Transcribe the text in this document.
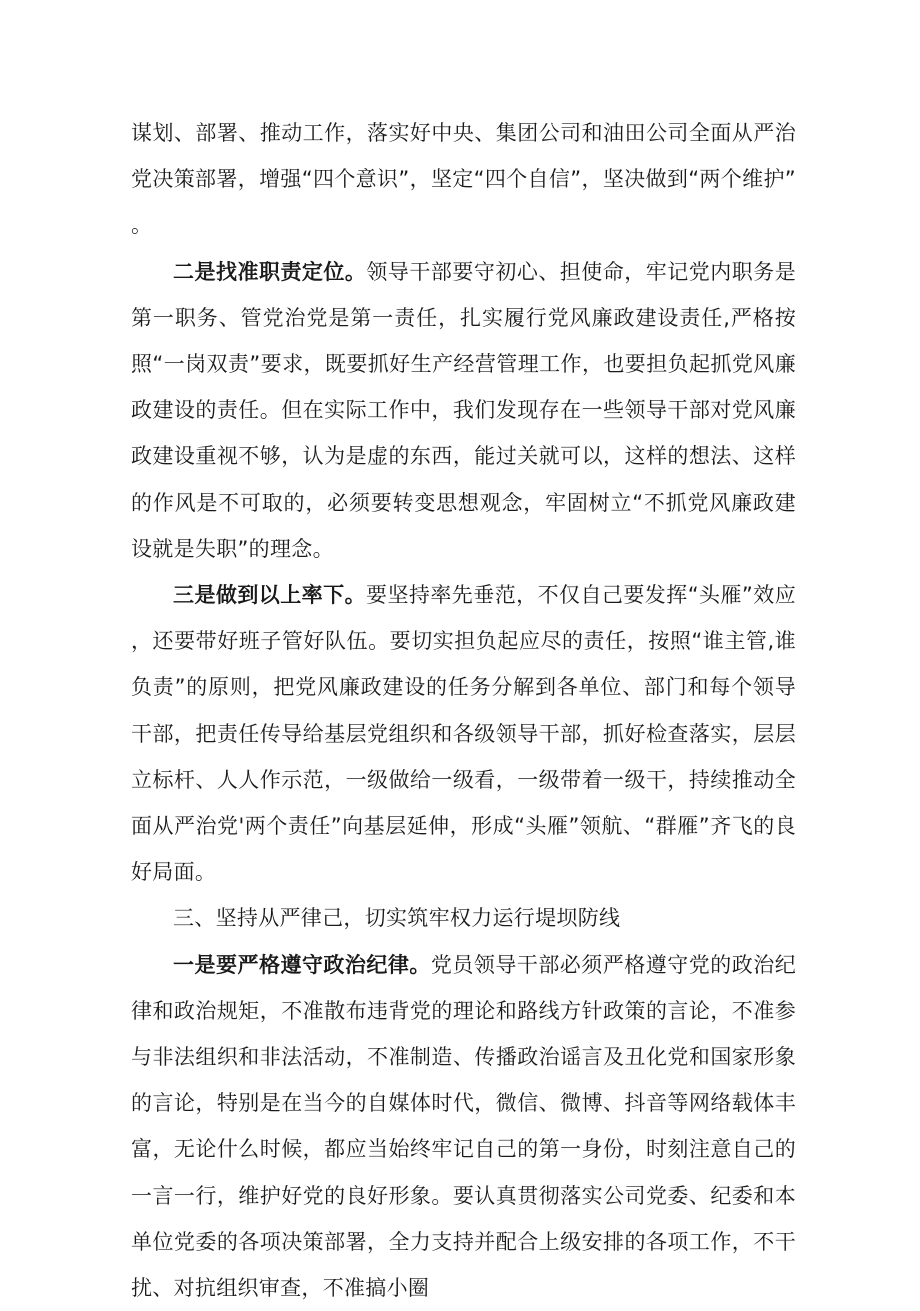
谋划、部署、推动工作，落实好中央、集团公司和油田公司全面从严治党决策部署，增强“四个意识”，坚定“四个自信”，坚决做到“两个维护”。

二是找准职责定位。领导干部要守初心、担使命，牢记党内职务是第一职务、管党治党是第一责任，扎实履行党风廉政建设责任,严格按照“一岗双责”要求，既要抓好生产经营管理工作，也要担负起抓党风廉政建设的责任。但在实际工作中，我们发现存在一些领导干部对党风廉政建设重视不够，认为是虚的东西，能过关就可以，这样的想法、这样的作风是不可取的，必须要转变思想观念，牢固树立“不抓党风廉政建设就是失职”的理念。

三是做到以上率下。要坚持率先垂范，不仅自己要发挥“头雁”效应，还要带好班子管好队伍。要切实担负起应尽的责任，按照“谁主管,谁负责”的原则，把党风廉政建设的任务分解到各单位、部门和每个领导干部，把责任传导给基层党组织和各级领导干部，抓好检查落实，层层立标杆、人人作示范，一级做给一级看，一级带着一级干，持续推动全面从严治党'两个责任”向基层延伸，形成“头雁”领航、“群雁”齐飞的良好局面。

三、坚持从严律己，切实筑牢权力运行堤坝防线

一是要严格遵守政治纪律。党员领导干部必须严格遵守党的政治纪律和政治规矩，不准散布违背党的理论和路线方针政策的言论，不准参与非法组织和非法活动，不准制造、传播政治谣言及丑化党和国家形象的言论，特别是在当今的自媒体时代，微信、微博、抖音等网络载体丰富，无论什么时候，都应当始终牢记自己的第一身份，时刻注意自己的一言一行，维护好党的良好形象。要认真贯彻落实公司党委、纪委和本单位党委的各项决策部署，全力支持并配合上级安排的各项工作，不干扰、对抗组织审查，不准搞小圈
